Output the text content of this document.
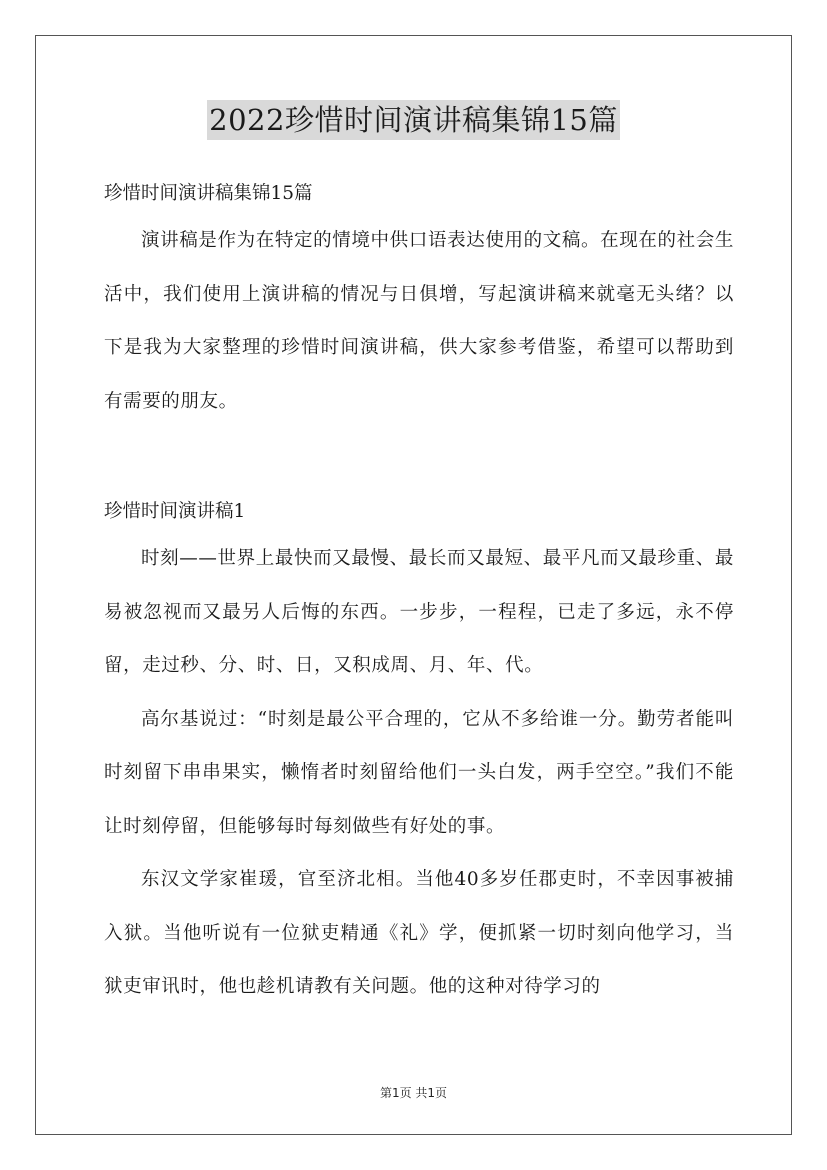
2022珍惜时间演讲稿集锦15篇

珍惜时间演讲稿集锦15篇

演讲稿是作为在特定的情境中供口语表达使用的文稿。在现在的社会生活中，我们使用上演讲稿的情况与日俱增，写起演讲稿来就毫无头绪？以下是我为大家整理的珍惜时间演讲稿，供大家参考借鉴，希望可以帮助到有需要的朋友。

珍惜时间演讲稿1

时刻——世界上最快而又最慢、最长而又最短、最平凡而又最珍重、最易被忽视而又最另人后悔的东西。一步步，一程程，已走了多远，永不停留，走过秒、分、时、日，又积成周、月、年、代。

高尔基说过：“时刻是最公平合理的，它从不多给谁一分。勤劳者能叫时刻留下串串果实，懒惰者时刻留给他们一头白发，两手空空。”我们不能让时刻停留，但能够每时每刻做些有好处的事。

东汉文学家崔瑗，官至济北相。当他40多岁任郡吏时，不幸因事被捕入狱。当他听说有一位狱吏精通《礼》学，便抓紧一切时刻向他学习，当狱吏审讯时，他也趁机请教有关问题。他的这种对待学习的

第1页 共1页
